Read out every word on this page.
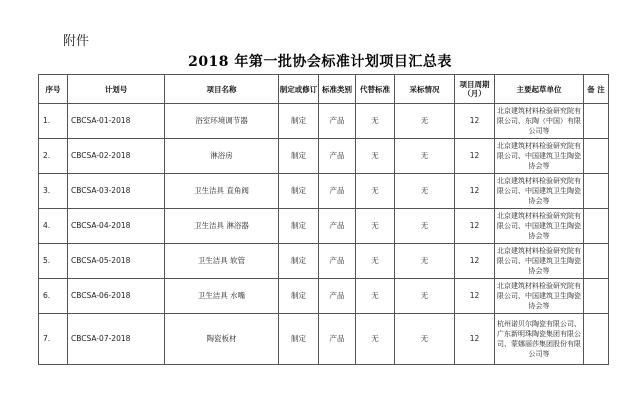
附件
2018 年第一批协会标准计划项目汇总表
序号	计划号	项目名称	制定或修订	标准类别	代替标准	采标情况	项目周期（月）	主要起草单位	备 注
1.	CBCSA-01-2018	浴室环境调节器	制定	产品	无	无	12	北京建筑材料检验研究院有限公司、东陶（中国）有限公司等	
2.	CBCSA-02-2018	淋浴房	制定	产品	无	无	12	北京建筑材料检验研究院有限公司、中国建筑卫生陶瓷协会等	
3.	CBCSA-03-2018	卫生洁具 直角阀	制定	产品	无	无	12	北京建筑材料检验研究院有限公司、中国建筑卫生陶瓷协会等	
4.	CBCSA-04-2018	卫生洁具 淋浴器	制定	产品	无	无	12	北京建筑材料检验研究院有限公司、中国建筑卫生陶瓷协会等	
5.	CBCSA-05-2018	卫生洁具 软管	制定	产品	无	无	12	北京建筑材料检验研究院有限公司、中国建筑卫生陶瓷协会等	
6.	CBCSA-06-2018	卫生洁具 水嘴	制定	产品	无	无	12	北京建筑材料检验研究院有限公司、中国建筑卫生陶瓷协会等	
7.	CBCSA-07-2018	陶瓷板材	制定	产品	无	无	12	杭州诺贝尔陶瓷有限公司、广东新明珠陶瓷集团有限公司、蒙娜丽莎集团股份有限公司等	
